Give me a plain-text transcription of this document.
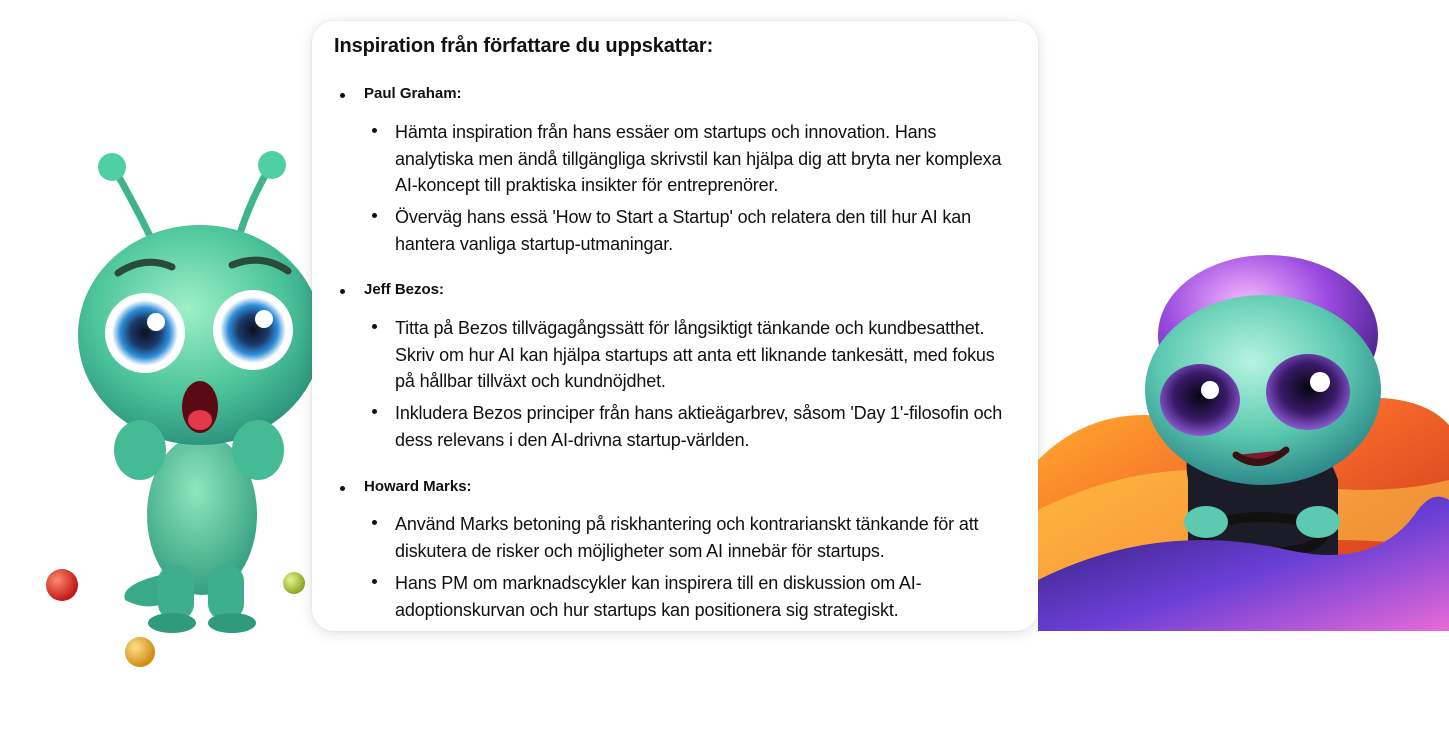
Inspiration från författare du uppskattar:
Paul Graham:
Hämta inspiration från hans essäer om startups och innovation. Hans analytiska men ändå tillgängliga skrivstil kan hjälpa dig att bryta ner komplexa AI-koncept till praktiska insikter för entreprenörer.
Överväg hans essä 'How to Start a Startup' och relatera den till hur AI kan hantera vanliga startup-utmaningar.
Jeff Bezos:
Titta på Bezos tillvägagångssätt för långsiktigt tänkande och kundbesatthet. Skriv om hur AI kan hjälpa startups att anta ett liknande tankesätt, med fokus på hållbar tillväxt och kundnöjdhet.
Inkludera Bezos principer från hans aktieägarbrev, såsom 'Day 1'-filosofin och dess relevans i den AI-drivna startup-världen.
Howard Marks:
Använd Marks betoning på riskhantering och kontrarianskt tänkande för att diskutera de risker och möjligheter som AI innebär för startups.
Hans PM om marknadscykler kan inspirera till en diskussion om AI-adoptionskurvan och hur startups kan positionera sig strategiskt.
